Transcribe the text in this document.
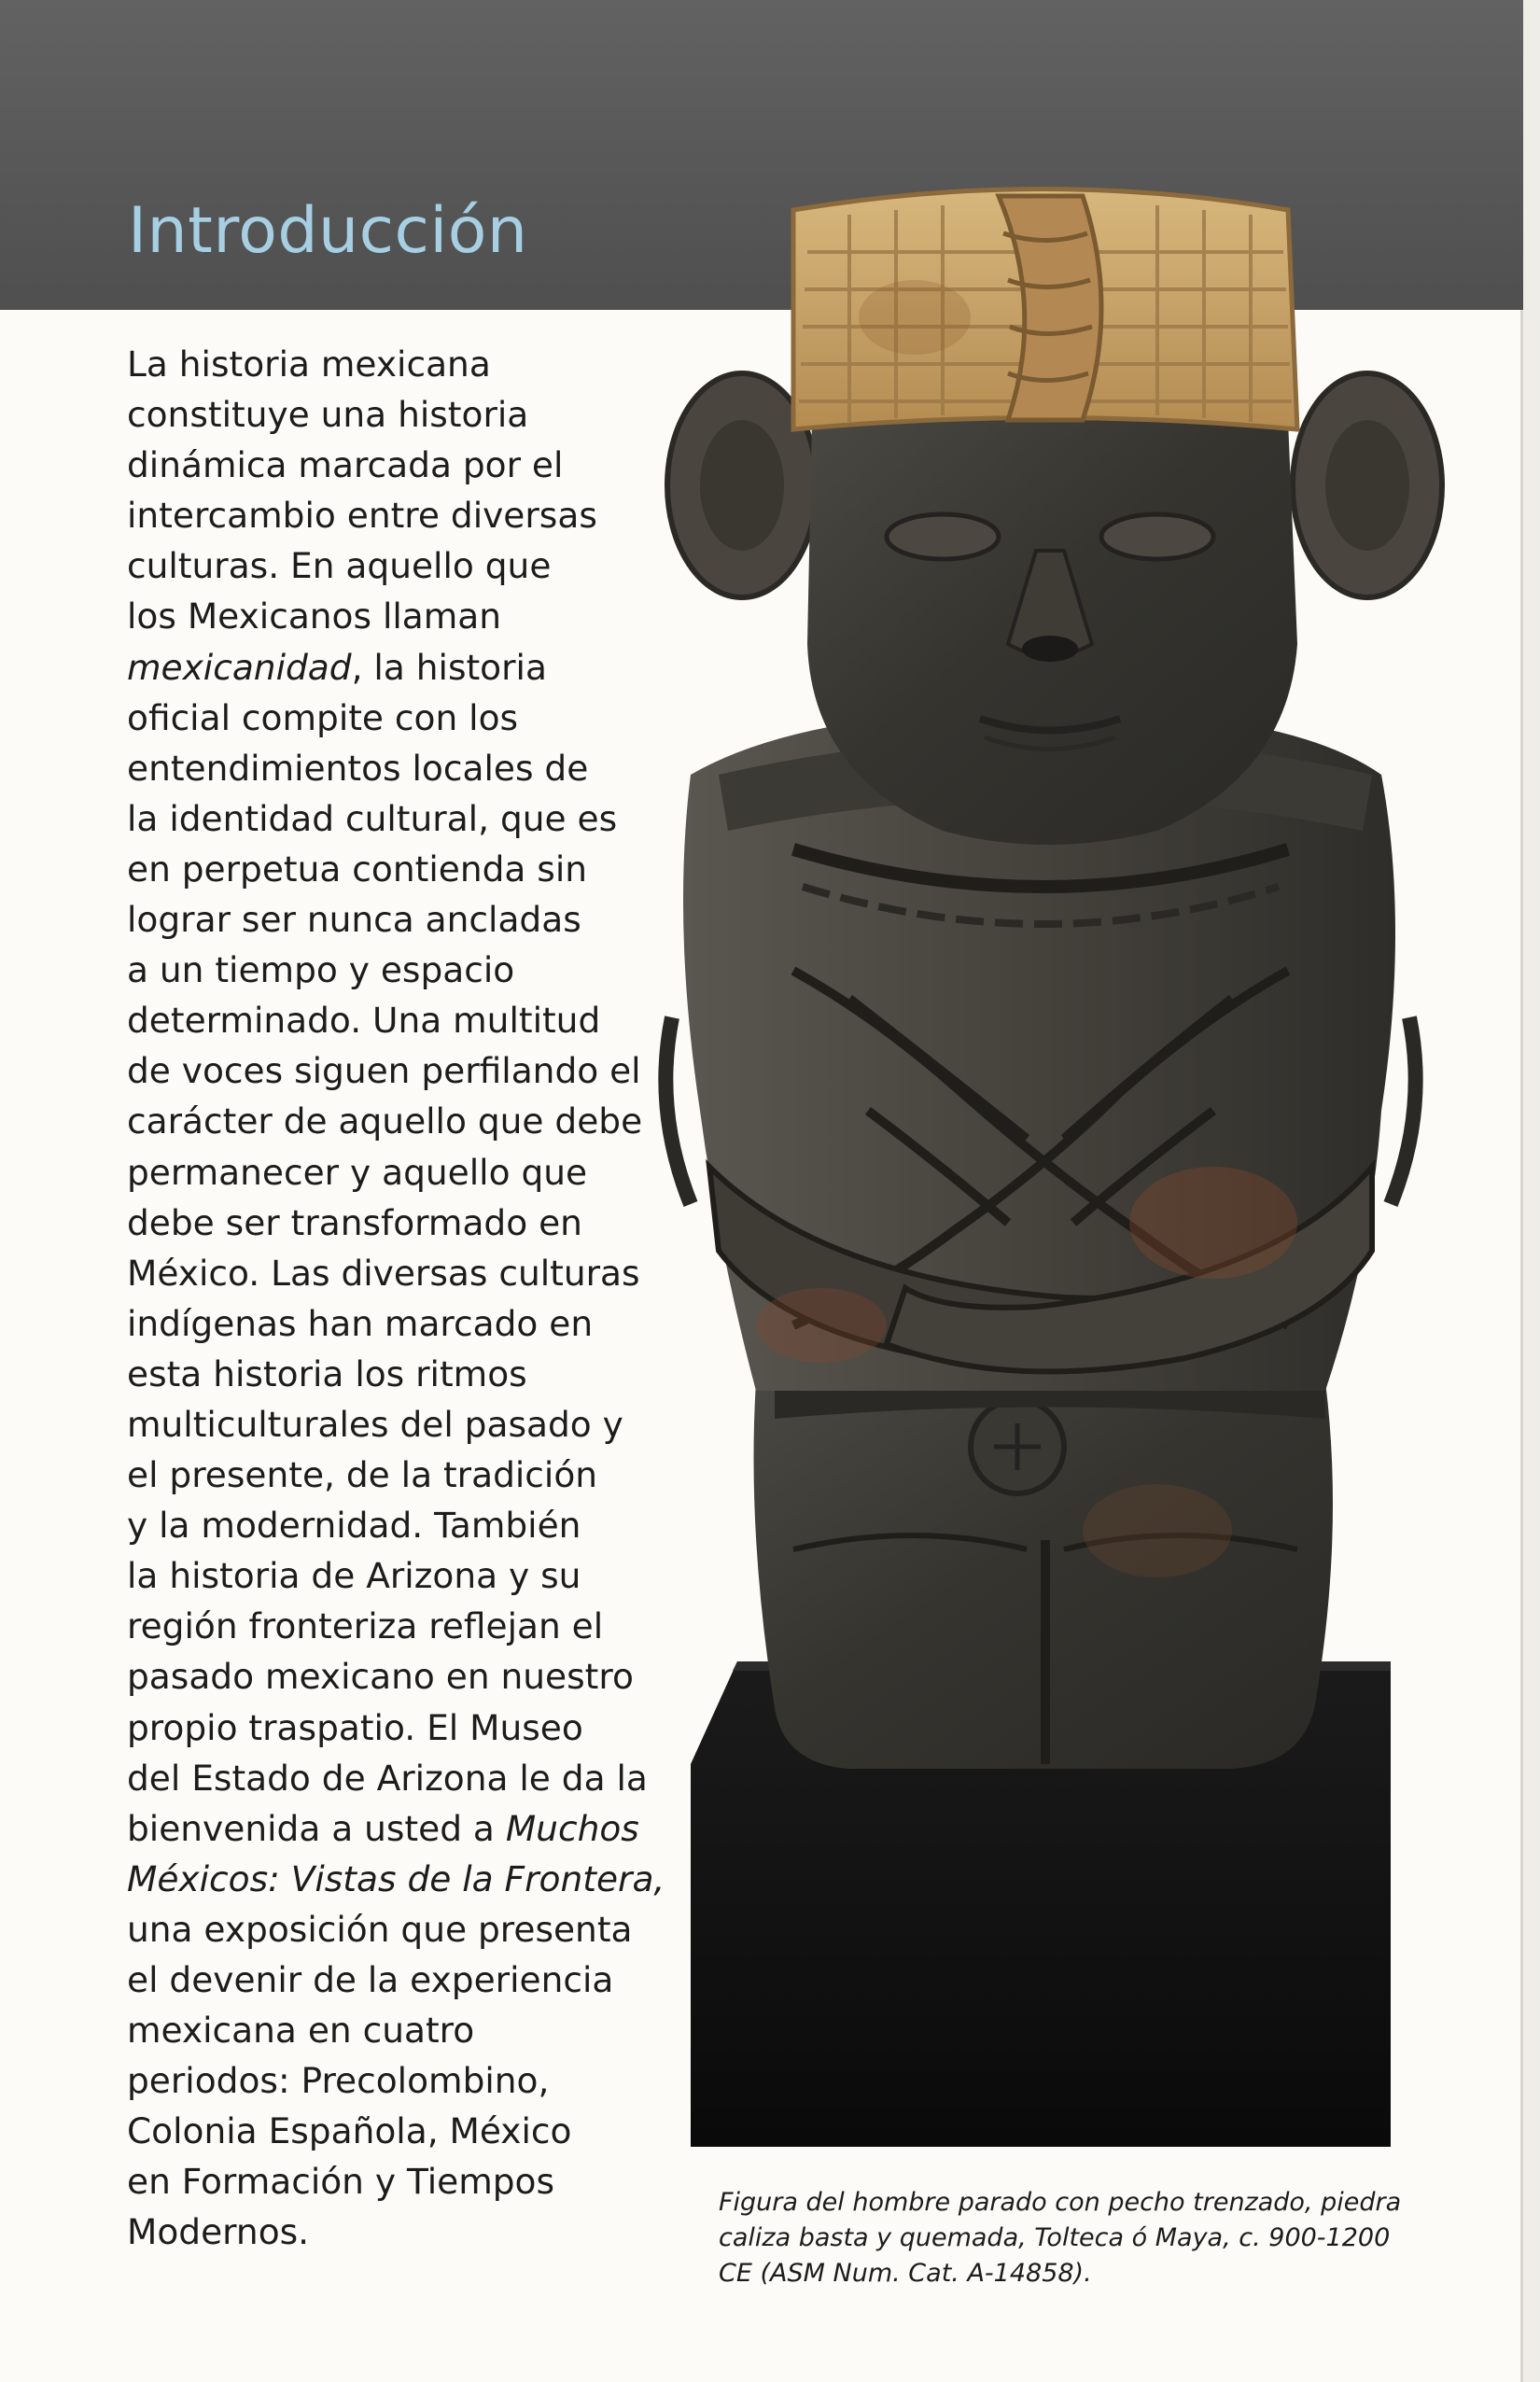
Introducción
La historia mexicana
constituye una historia
dinámica marcada por el
intercambio entre diversas
culturas. En aquello que
los Mexicanos llaman
mexicanidad, la historia
oficial compite con los
entendimientos locales de
la identidad cultural, que es
en perpetua contienda sin
lograr ser nunca ancladas
a un tiempo y espacio
determinado. Una multitud
de voces siguen perfilando el
carácter de aquello que debe
permanecer y aquello que
debe ser transformado en
México. Las diversas culturas
indígenas han marcado en
esta historia los ritmos
multiculturales del pasado y
el presente, de la tradición
y la modernidad. También
la historia de Arizona y su
región fronteriza reflejan el
pasado mexicano en nuestro
propio traspatio. El Museo
del Estado de Arizona le da la
bienvenida a usted a Muchos
Méxicos: Vistas de la Frontera,
una exposición que presenta
el devenir de la experiencia
mexicana en cuatro
periodos: Precolombino,
Colonia Española, México
en Formación y Tiempos
Modernos.
Figura del hombre parado con pecho trenzado, piedra
caliza basta y quemada, Tolteca ó Maya, c. 900-1200
CE (ASM Num. Cat. A-14858).
